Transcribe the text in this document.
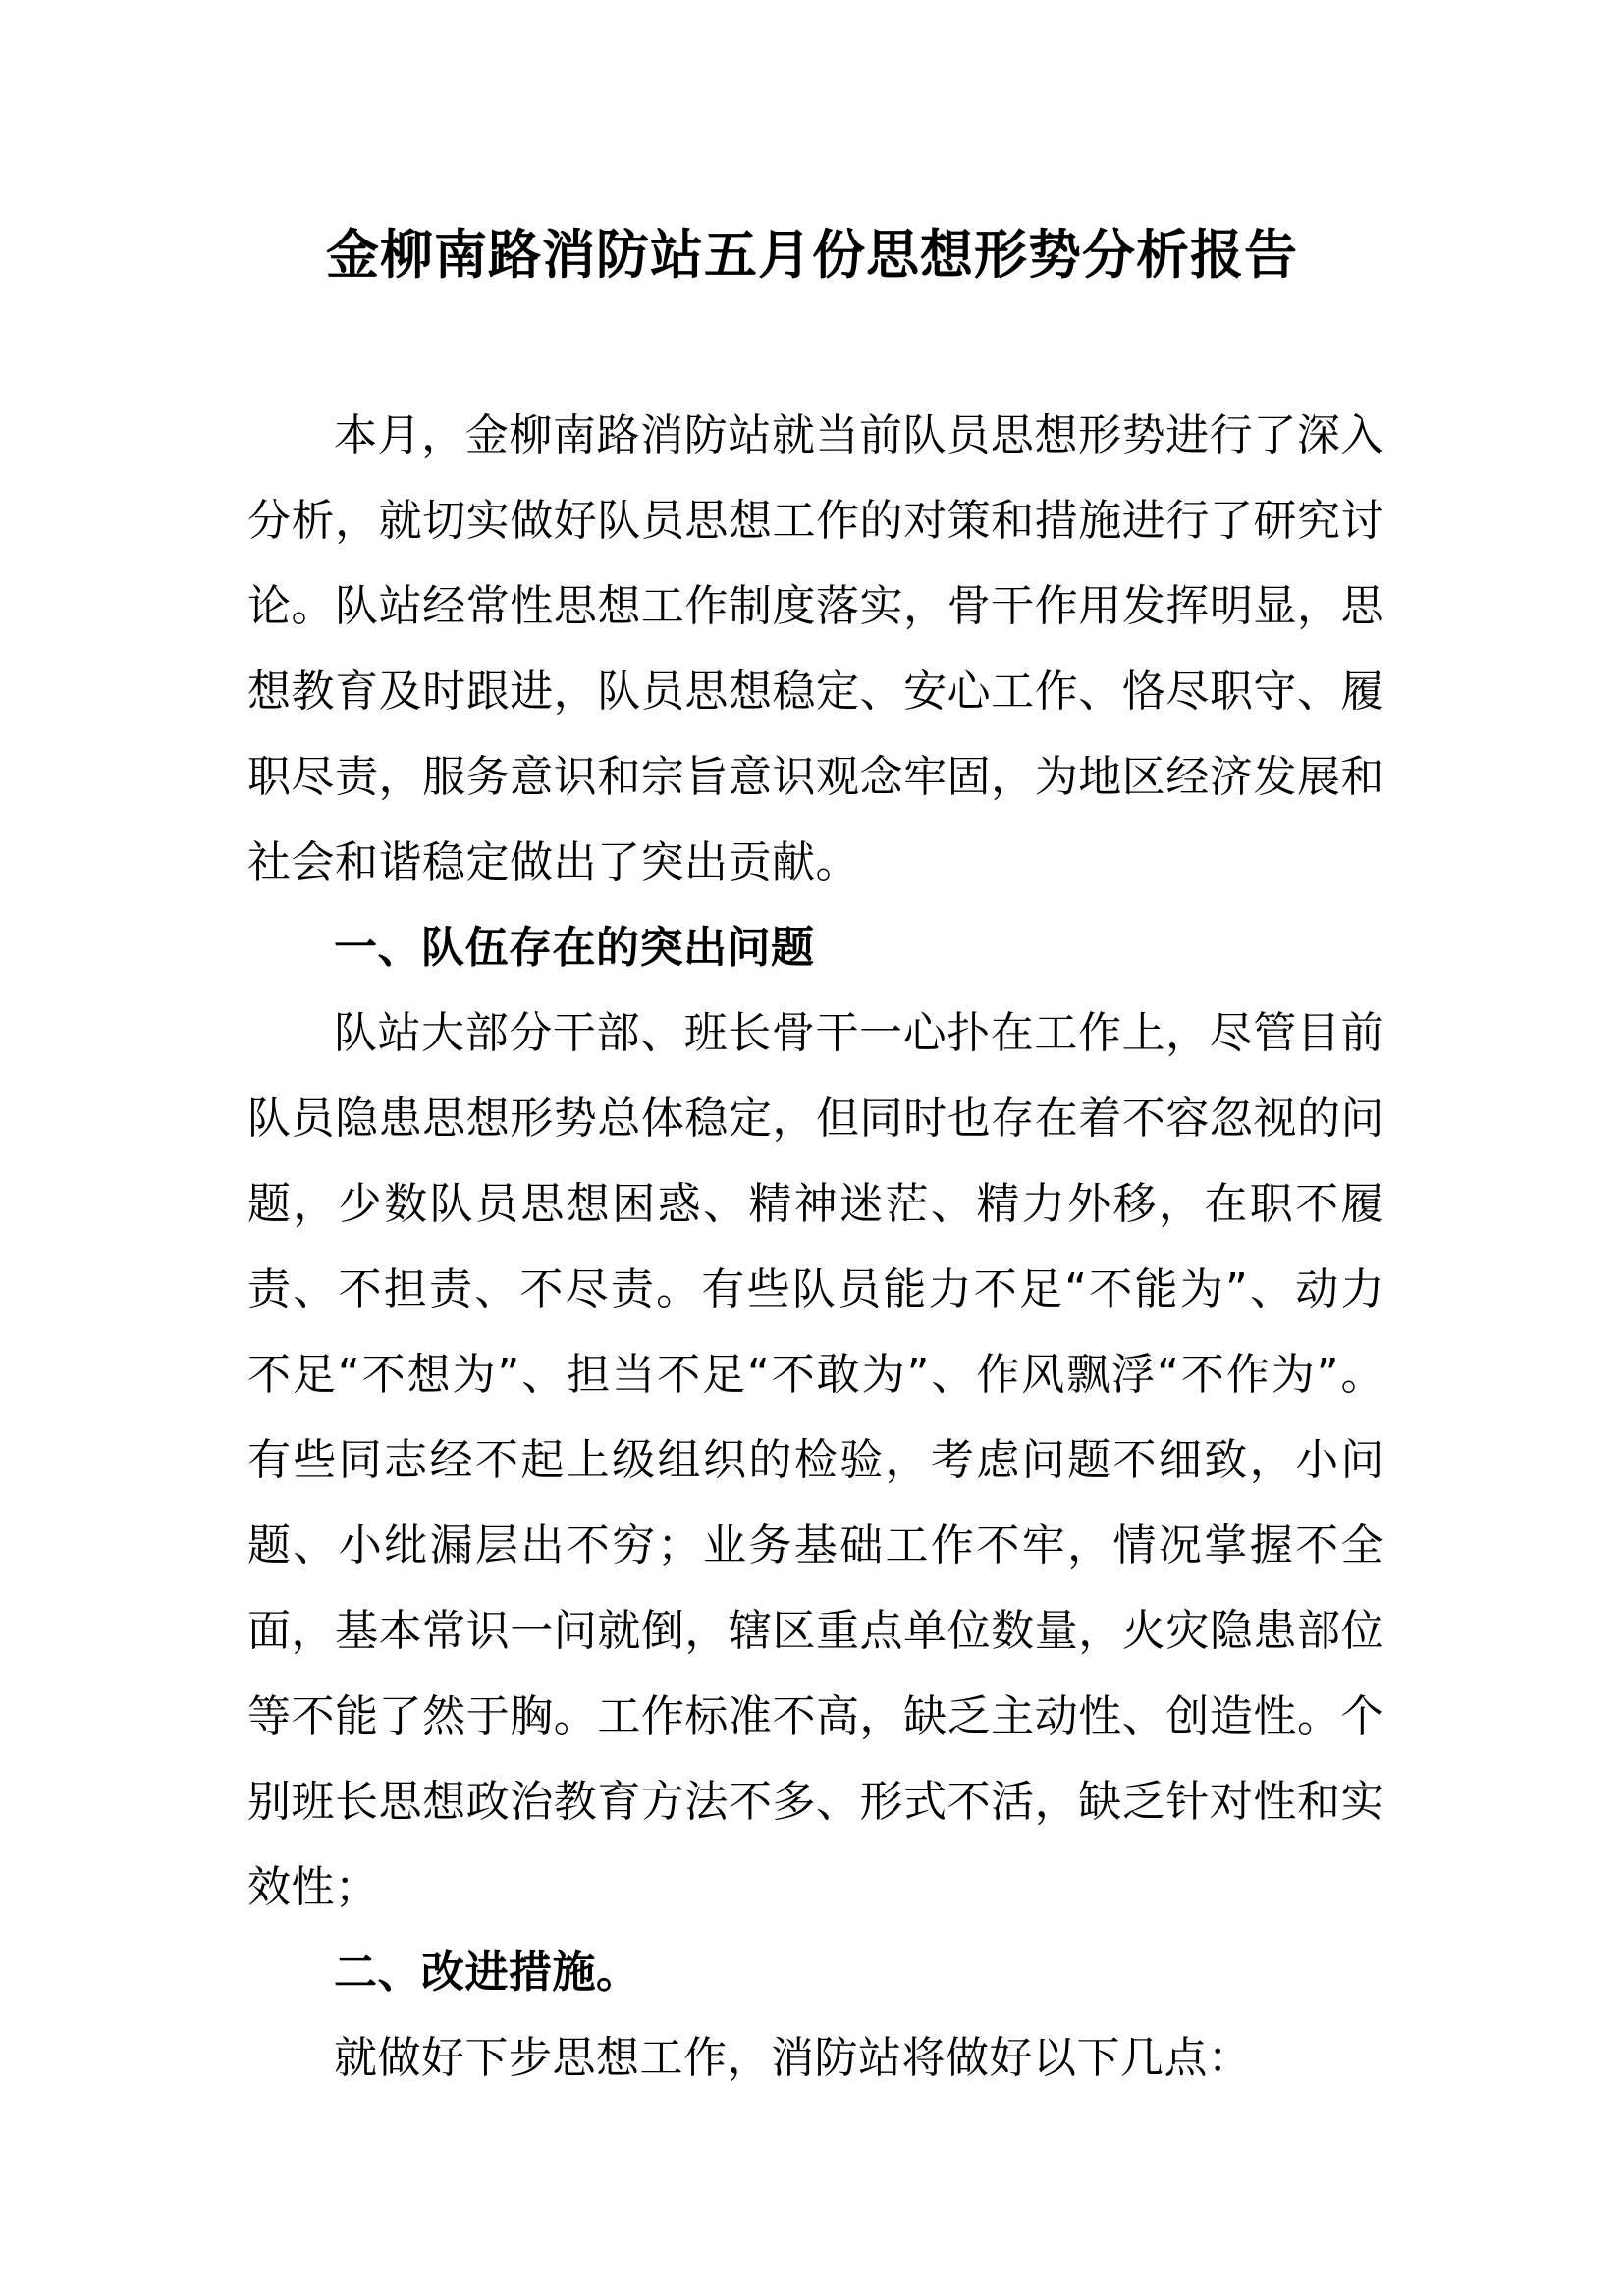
金柳南路消防站五月份思想形势分析报告

本月，金柳南路消防站就当前队员思想形势进行了深入分析，就切实做好队员思想工作的对策和措施进行了研究讨论。队站经常性思想工作制度落实，骨干作用发挥明显，思想教育及时跟进，队员思想稳定、安心工作、恪尽职守、履职尽责，服务意识和宗旨意识观念牢固，为地区经济发展和社会和谐稳定做出了突出贡献。

一、队伍存在的突出问题

队站大部分干部、班长骨干一心扑在工作上，尽管目前队员隐患思想形势总体稳定，但同时也存在着不容忽视的问题，少数队员思想困惑、精神迷茫、精力外移，在职不履责、不担责、不尽责。有些队员能力不足“不能为”、动力不足“不想为”、担当不足“不敢为”、作风飘浮“不作为”。有些同志经不起上级组织的检验，考虑问题不细致，小问题、小纰漏层出不穷；业务基础工作不牢，情况掌握不全面，基本常识一问就倒，辖区重点单位数量，火灾隐患部位等不能了然于胸。工作标准不高，缺乏主动性、创造性。个别班长思想政治教育方法不多、形式不活，缺乏针对性和实效性；

二、改进措施。

就做好下步思想工作，消防站将做好以下几点：
